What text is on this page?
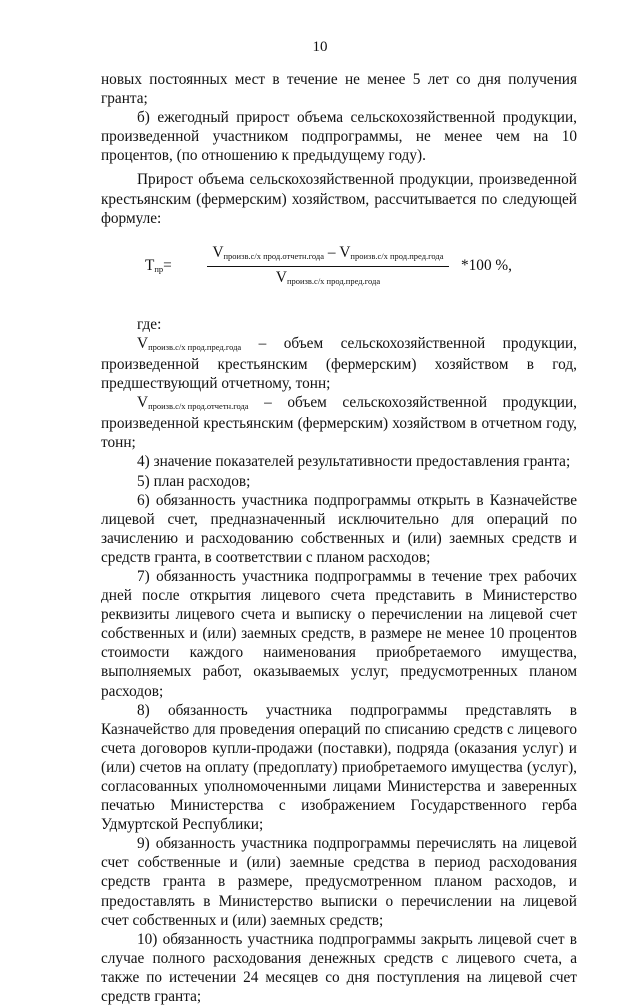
10

новых постоянных мест в течение не менее 5 лет со дня получения гранта;

б) ежегодный прирост объема сельскохозяйственной продукции, произведенной участником подпрограммы, не менее чем на 10 процентов, (по отношению к предыдущему году).

Прирост объема сельскохозяйственной продукции, произведенной крестьянским (фермерским) хозяйством, рассчитывается по следующей формуле:

Тпр=
Vпроизв.с/х прод.отчетн.года – Vпроизв.с/х прод.пред.года
Vпроизв.с/х прод.пред.года
*100 %,

где:

Vпроизв.с/х прод.пред.года – объем сельскохозяйственной продукции,

произведенной крестьянским (фермерским) хозяйством в год, предшествующий отчетному, тонн;

Vпроизв.с/х прод.отчетн.года – объем сельскохозяйственной продукции,

произведенной крестьянским (фермерским) хозяйством в отчетном году, тонн;

4) значение показателей результативности предоставления гранта;

5) план расходов;

6) обязанность участника подпрограммы открыть в Казначействе лицевой счет, предназначенный исключительно для операций по зачислению и расходованию собственных и (или) заемных средств и средств гранта, в соответствии с планом расходов;

7) обязанность участника подпрограммы в течение трех рабочих дней после открытия лицевого счета представить в Министерство реквизиты лицевого счета и выписку о перечислении на лицевой счет собственных и (или) заемных средств, в размере не менее 10 процентов стоимости каждого наименования приобретаемого имущества, выполняемых работ, оказываемых услуг, предусмотренных планом расходов;

8) обязанность участника подпрограммы представлять в Казначейство для проведения операций по списанию средств с лицевого счета договоров купли-продажи (поставки), подряда (оказания услуг) и (или) счетов на оплату (предоплату) приобретаемого имущества (услуг), согласованных уполномоченными лицами Министерства и заверенных печатью Министерства с изображением Государственного герба Удмуртской Республики;

9) обязанность участника подпрограммы перечислять на лицевой счет собственные и (или) заемные средства в период расходования средств гранта в размере, предусмотренном планом расходов, и предоставлять в Министерство выписки о перечислении на лицевой счет собственных и (или) заемных средств;

10) обязанность участника подпрограммы закрыть лицевой счет в случае полного расходования денежных средств с лицевого счета, а также по истечении 24 месяцев со дня поступления на лицевой счет средств гранта;
